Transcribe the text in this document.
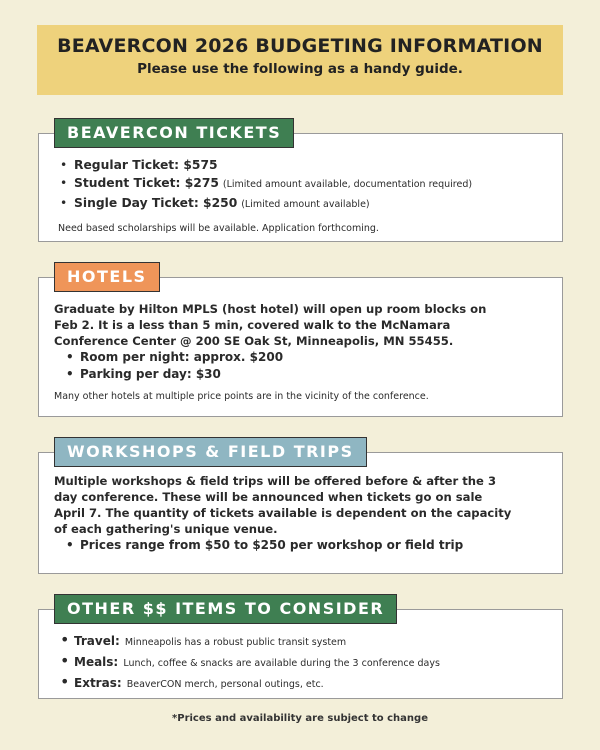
BEAVERCON 2026 BUDGETING INFORMATION
Please use the following as a handy guide.
• Regular Ticket: $575
• Student Ticket: $275 (Limited amount available, documentation required)
• Single Day Ticket: $250 (Limited amount available)
Need based scholarships will be available. Application forthcoming.
BEAVERCON TICKETS
Graduate by Hilton MPLS (host hotel) will open up room blocks on
Feb 2. It is a less than 5 min, covered walk to the McNamara
Conference Center @ 200 SE Oak St, Minneapolis, MN 55455.
• Room per night: approx. $200
• Parking per day: $30
Many other hotels at multiple price points are in the vicinity of the conference.
HOTELS
Multiple workshops & field trips will be offered before & after the 3
day conference. These will be announced when tickets go on sale
April 7. The quantity of tickets available is dependent on the capacity
of each gathering's unique venue.
• Prices range from $50 to $250 per workshop or field trip
WORKSHOPS & FIELD TRIPS
• Travel: Minneapolis has a robust public transit system
• Meals: Lunch, coffee & snacks are available during the 3 conference days
• Extras: BeaverCON merch, personal outings, etc.
OTHER $$ ITEMS TO CONSIDER
*Prices and availability are subject to change
